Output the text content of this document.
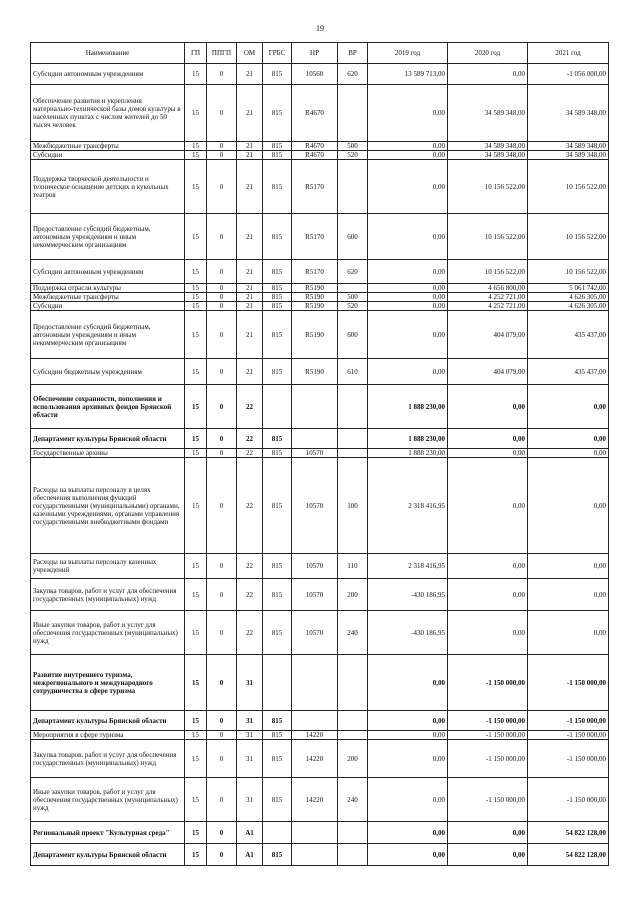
19
Наименование	ГП	ППГП	ОМ	ГРБС	НР	ВР	2019 год	2020 год	2021 год
Субсидии автономным учреждениям	15	0	21	815	10560	620	13 589 713,00	0,00	-1 056 000,00
Обеспечение развития и укрепления материально-технической базы домов культуры в населенных пунктах с числом жителей до 50 тысяч человек	15	0	21	815	R4670		0,00	34 589 348,00	34 589 348,00
Межбюджетные трансферты	15	0	21	815	R4670	500	0,00	34 589 348,00	34 589 348,00
Субсидии	15	0	21	815	R4670	520	0,00	34 589 348,00	34 589 348,00
Поддержка творческой деятельности и техническое оснащение детских и кукольных театров	15	0	21	815	R5170		0,00	10 156 522,00	10 156 522,00
Предоставление субсидий бюджетным, автономным учреждениям и иным некоммерческим организациям	15	0	21	815	R5170	600	0,00	10 156 522,00	10 156 522,00
Субсидии автономным учреждениям	15	0	21	815	R5170	620	0,00	10 156 522,00	10 156 522,00
Поддержка отрасли культуры	15	0	21	815	R5190		0,00	4 656 800,00	5 061 742,00
Межбюджетные трансферты	15	0	21	815	R5190	500	0,00	4 252 721,00	4 626 305,00
Субсидии	15	0	21	815	R5190	520	0,00	4 252 721,00	4 626 305,00
Предоставление субсидий бюджетным, автономным учреждениям и иным некоммерческим организациям	15	0	21	815	R5190	600	0,00	404 079,00	435 437,00
Субсидии бюджетным учреждениям	15	0	21	815	R5190	610	0,00	404 079,00	435 437,00
Обеспечение сохранности, пополнения и использования архивных фондов Брянской области	15	0	22				1 888 230,00	0,00	0,00
Департамент культуры Брянской области	15	0	22	815			1 888 230,00	0,00	0,00
Государственные архивы	15	0	22	815	10570		1 888 230,00	0,00	0,00
Расходы на выплаты персоналу в целях обеспечения выполнения функций государственными (муниципальными) органами, казенными учреждениями, органами управления государственными внебюджетными фондами	15	0	22	815	10570	100	2 318 416,95	0,00	0,00
Расходы на выплаты персоналу казенных учреждений	15	0	22	815	10570	110	2 318 416,95	0,00	0,00
Закупка товаров, работ и услуг для обеспечения государственных (муниципальных) нужд	15	0	22	815	10570	200	-430 186,95	0,00	0,00
Иные закупки товаров, работ и услуг для обеспечения государственных (муниципальных) нужд	15	0	22	815	10570	240	-430 186,95	0,00	0,00
Развитие внутреннего туризма, межрегионального и международного сотрудничества в сфере туризма	15	0	31				0,00	-1 150 000,00	-1 150 000,00
Департамент культуры Брянской области	15	0	31	815			0,00	-1 150 000,00	-1 150 000,00
Мероприятия в сфере туризма	15	0	31	815	14220		0,00	-1 150 000,00	-1 150 000,00
Закупка товаров, работ и услуг для обеспечения государственных (муниципальных) нужд	15	0	31	815	14220	200	0,00	-1 150 000,00	-1 150 000,00
Иные закупки товаров, работ и услуг для обеспечения государственных (муниципальных) нужд	15	0	31	815	14220	240	0,00	-1 150 000,00	-1 150 000,00
Региональный проект "Культурная среда"	15	0	A1				0,00	0,00	54 822 128,00
Департамент культуры Брянской области	15	0	A1	815			0,00	0,00	54 822 128,00
